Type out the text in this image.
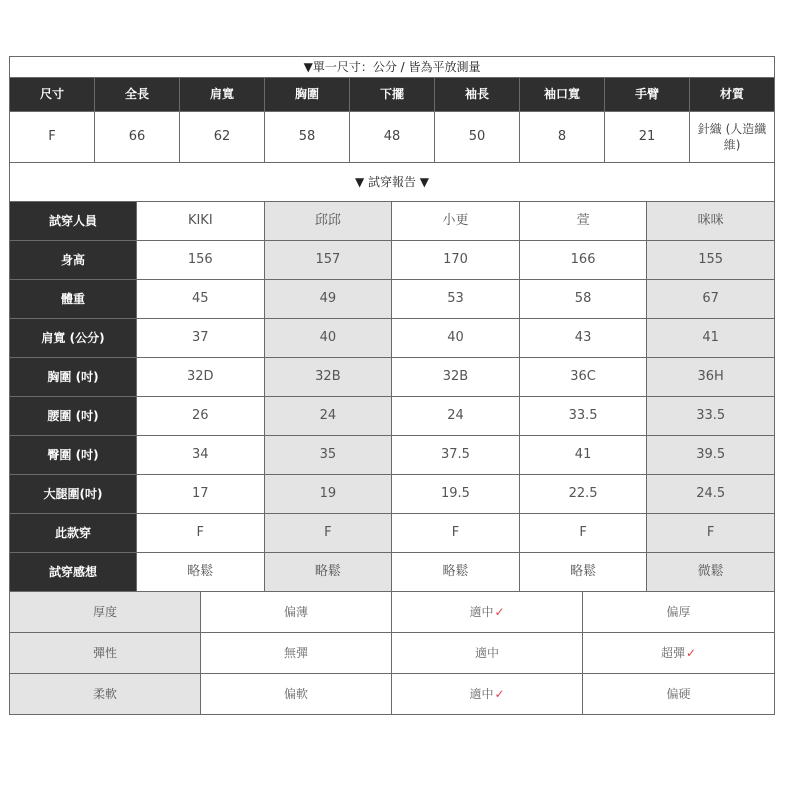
▼單一尺寸：公分 / 皆為平放測量								
尺寸	全長	肩寬	胸圍	下擺	袖長	袖口寬	手臂	材質
F	66	62	58	48	50	8	21	針織 (人造纖維)
▼ 試穿報告 ▼					
試穿人員	KIKI	邱邱	小更	萱	咪咪
身高	156	157	170	166	155
體重	45	49	53	58	67
肩寬 (公分)	37	40	40	43	41
胸圍 (吋)	32D	32B	32B	36C	36H
腰圍 (吋)	26	24	24	33.5	33.5
臀圍 (吋)	34	35	37.5	41	39.5
大腿圍(吋)	17	19	19.5	22.5	24.5
此款穿	F	F	F	F	F
試穿感想	略鬆	略鬆	略鬆	略鬆	微鬆
厚度	偏薄	適中✓	偏厚
彈性	無彈	適中	超彈✓
柔軟	偏軟	適中✓	偏硬
